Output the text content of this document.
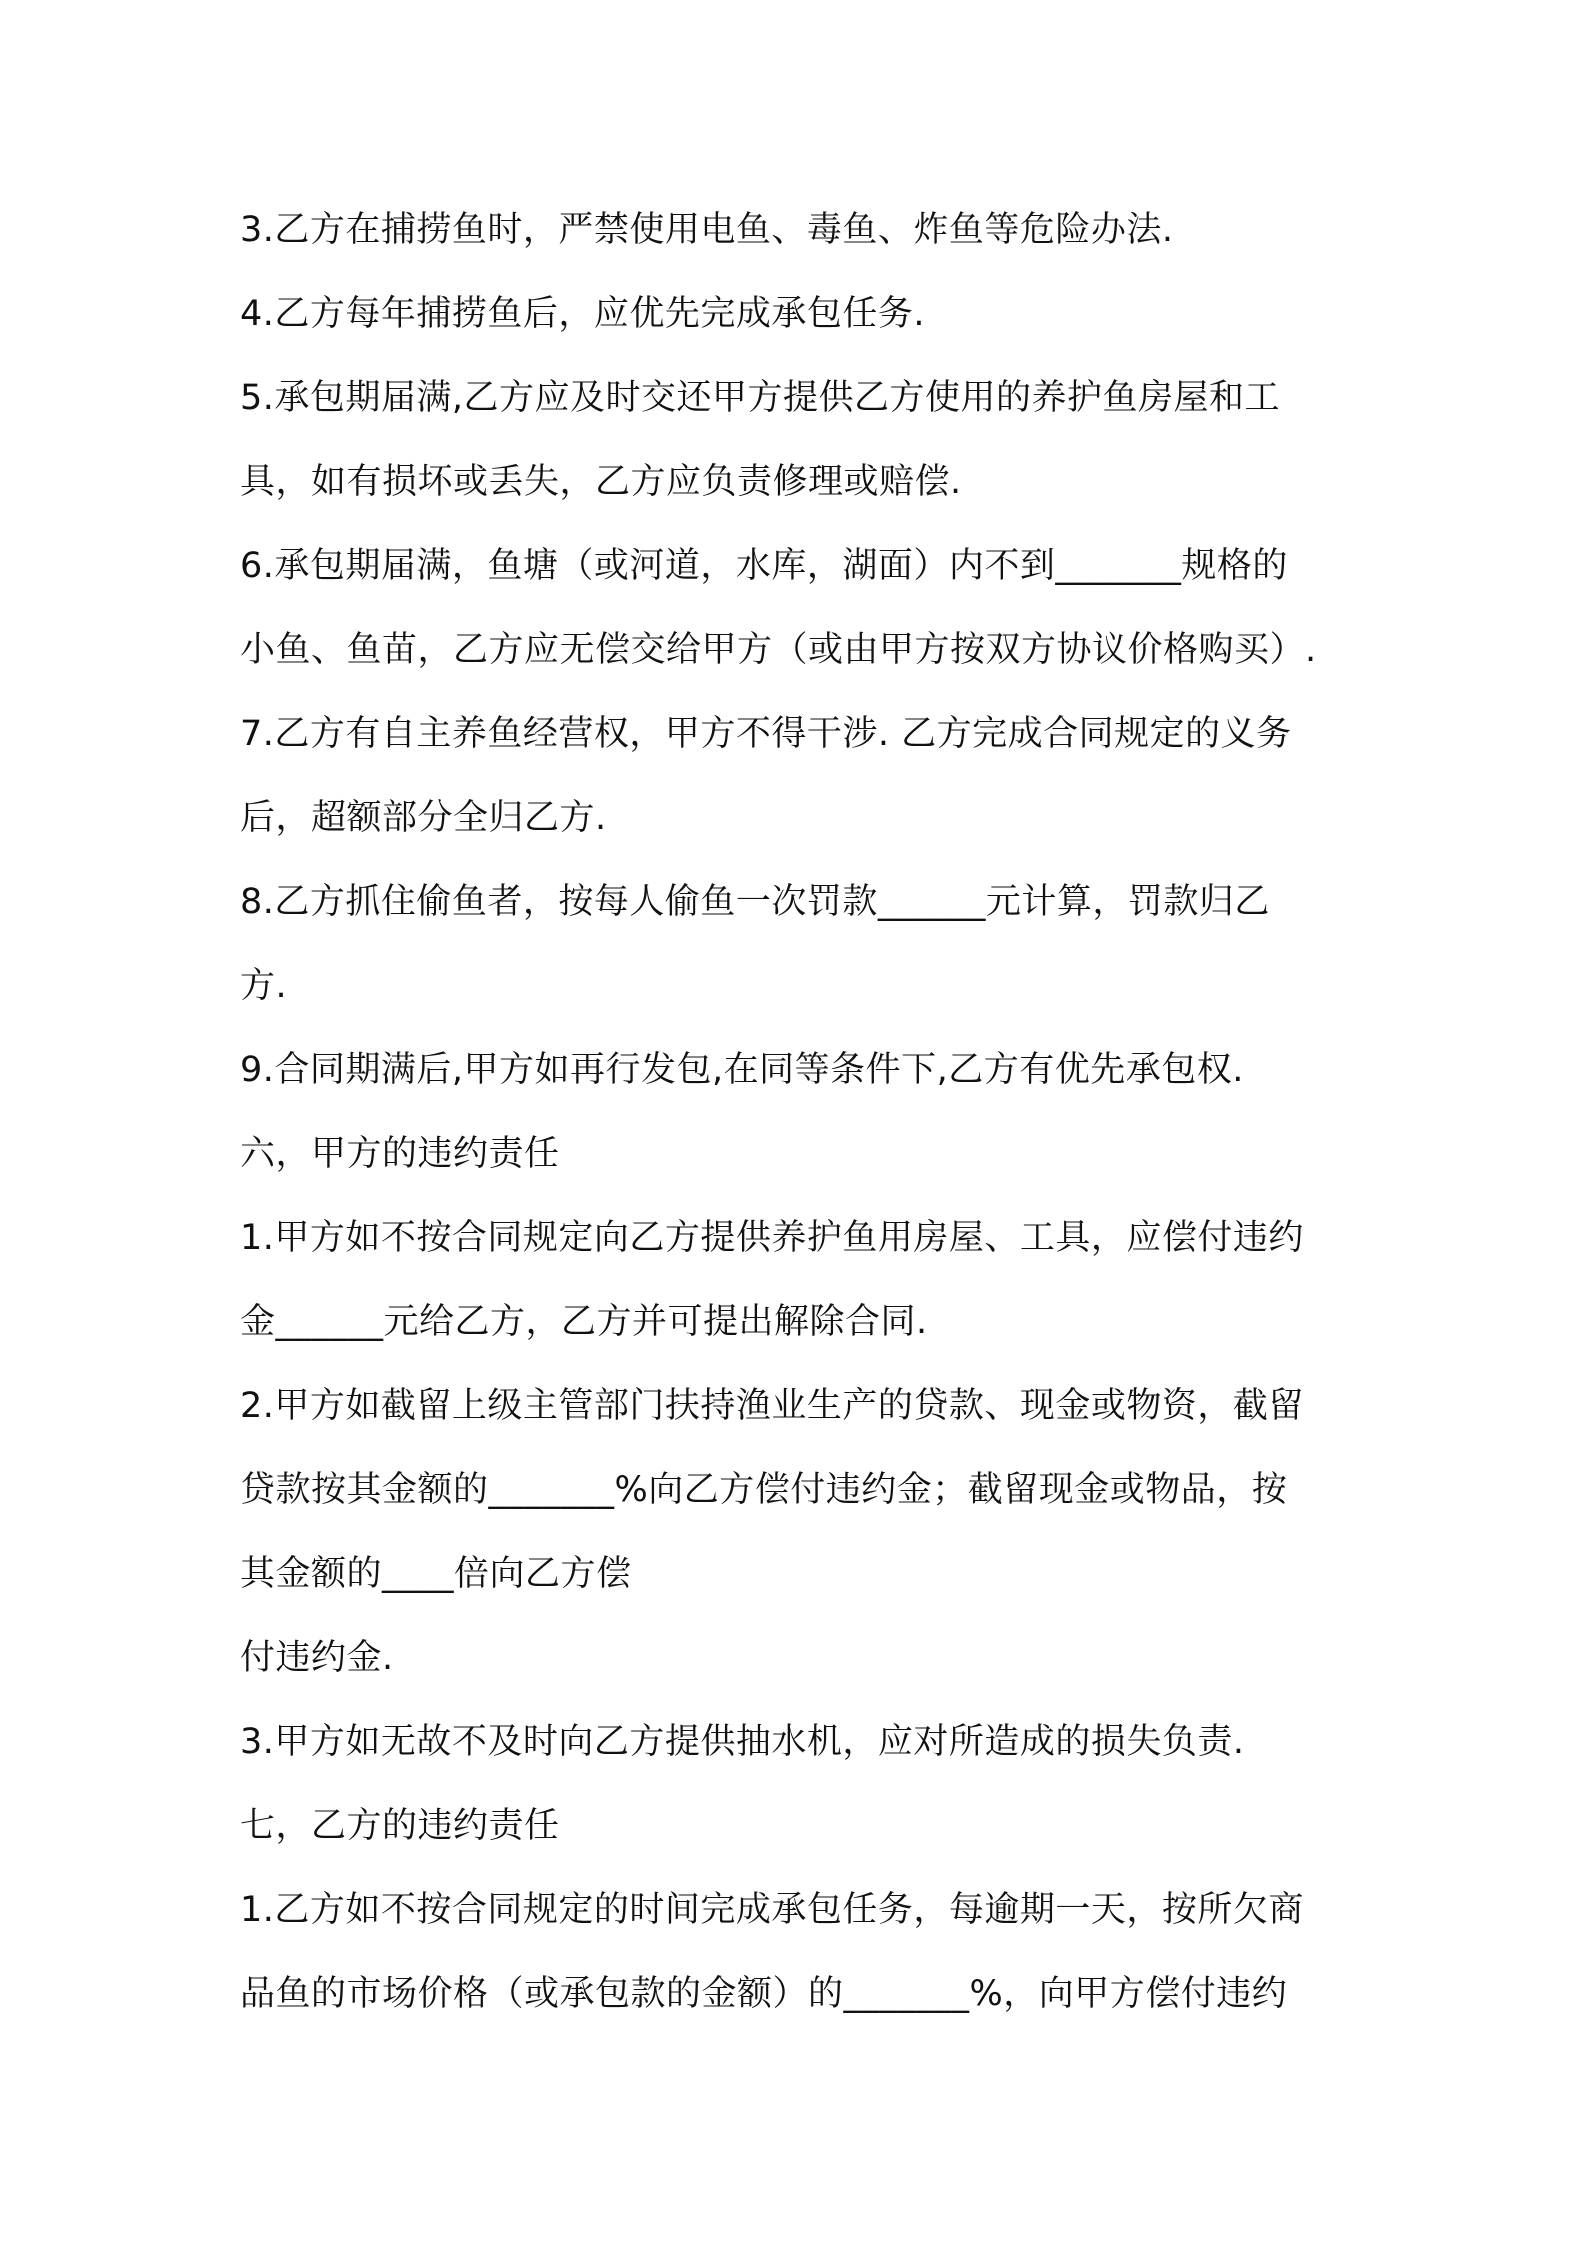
3.乙方在捕捞鱼时，严禁使用电鱼、毒鱼、炸鱼等危险办法.
4.乙方每年捕捞鱼后，应优先完成承包任务.
5.承包期届满,乙方应及时交还甲方提供乙方使用的养护鱼房屋和工
具，如有损坏或丢失，乙方应负责修理或赔偿.
6.承包期届满，鱼塘（或河道，水库，湖面）内不到_______规格的
小鱼、鱼苗，乙方应无偿交给甲方（或由甲方按双方协议价格购买）.
7.乙方有自主养鱼经营权，甲方不得干涉. 乙方完成合同规定的义务
后，超额部分全归乙方.
8.乙方抓住偷鱼者，按每人偷鱼一次罚款______元计算，罚款归乙
方.
9.合同期满后,甲方如再行发包,在同等条件下,乙方有优先承包权.
六，甲方的违约责任
1.甲方如不按合同规定向乙方提供养护鱼用房屋、工具，应偿付违约
金______元给乙方，乙方并可提出解除合同.
2.甲方如截留上级主管部门扶持渔业生产的贷款、现金或物资，截留
贷款按其金额的_______%向乙方偿付违约金；截留现金或物品，按
其金额的____倍向乙方偿
付违约金.
3.甲方如无故不及时向乙方提供抽水机，应对所造成的损失负责.
七，乙方的违约责任
1.乙方如不按合同规定的时间完成承包任务，每逾期一天，按所欠商
品鱼的市场价格（或承包款的金额）的_______%，向甲方偿付违约
